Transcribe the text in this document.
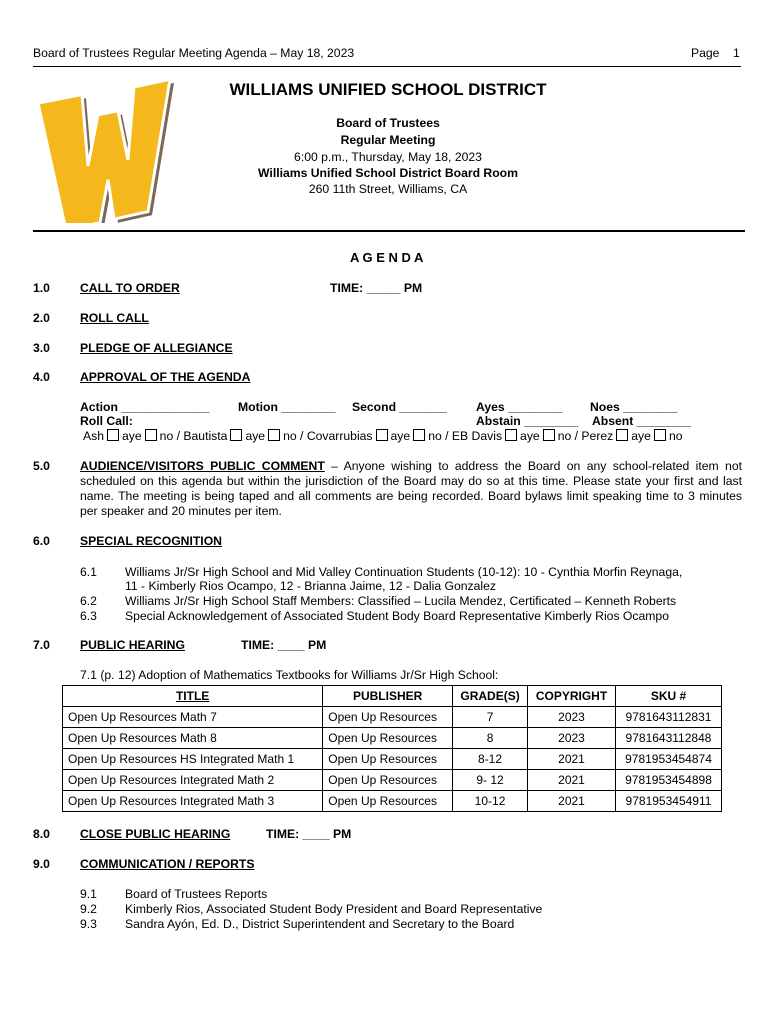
Board of Trustees Regular Meeting Agenda – May 18, 2023	Page 1
WILLIAMS UNIFIED SCHOOL DISTRICT
Board of Trustees
Regular Meeting
6:00 p.m., Thursday, May 18, 2023
Williams Unified School District Board Room
260 11th Street, Williams, CA
A G E N D A
1.0 CALL TO ORDER	TIME: _____ PM
2.0 ROLL CALL
3.0 PLEDGE OF ALLEGIANCE
4.0 APPROVAL OF THE AGENDA
Action _____________ Motion ________ Second _______ Ayes ________ Noes ________
Roll Call:	Abstain ________ Absent ________
Ash aye no / Bautista aye no / Covarrubias aye no / EB Davis aye no / Perez aye no
5.0 AUDIENCE/VISITORS PUBLIC COMMENT – Anyone wishing to address the Board on any school-related item not scheduled on this agenda but within the jurisdiction of the Board may do so at this time. Please state your first and last name. The meeting is being taped and all comments are being recorded. Board bylaws limit speaking time to 3 minutes per speaker and 20 minutes per item.
6.0 SPECIAL RECOGNITION
6.1 Williams Jr/Sr High School and Mid Valley Continuation Students (10-12): 10 - Cynthia Morfin Reynaga,
11 - Kimberly Rios Ocampo, 12 - Brianna Jaime, 12 - Dalia Gonzalez
6.2 Williams Jr/Sr High School Staff Members: Classified – Lucila Mendez, Certificated – Kenneth Roberts
6.3 Special Acknowledgement of Associated Student Body Board Representative Kimberly Rios Ocampo
7.0 PUBLIC HEARING	TIME: ____ PM
7.1 (p. 12) Adoption of Mathematics Textbooks for Williams Jr/Sr High School:
TITLE	PUBLISHER	GRADE(S)	COPYRIGHT	SKU #
Open Up Resources Math 7	Open Up Resources	7	2023	9781643112831
Open Up Resources Math 8	Open Up Resources	8	2023	9781643112848
Open Up Resources HS Integrated Math 1	Open Up Resources	8-12	2021	9781953454874
Open Up Resources Integrated Math 2	Open Up Resources	9- 12	2021	9781953454898
Open Up Resources Integrated Math 3	Open Up Resources	10-12	2021	9781953454911
8.0 CLOSE PUBLIC HEARING	TIME: ____ PM
9.0 COMMUNICATION / REPORTS
9.1 Board of Trustees Reports
9.2 Kimberly Rios, Associated Student Body President and Board Representative
9.3 Sandra Ayón, Ed. D., District Superintendent and Secretary to the Board
